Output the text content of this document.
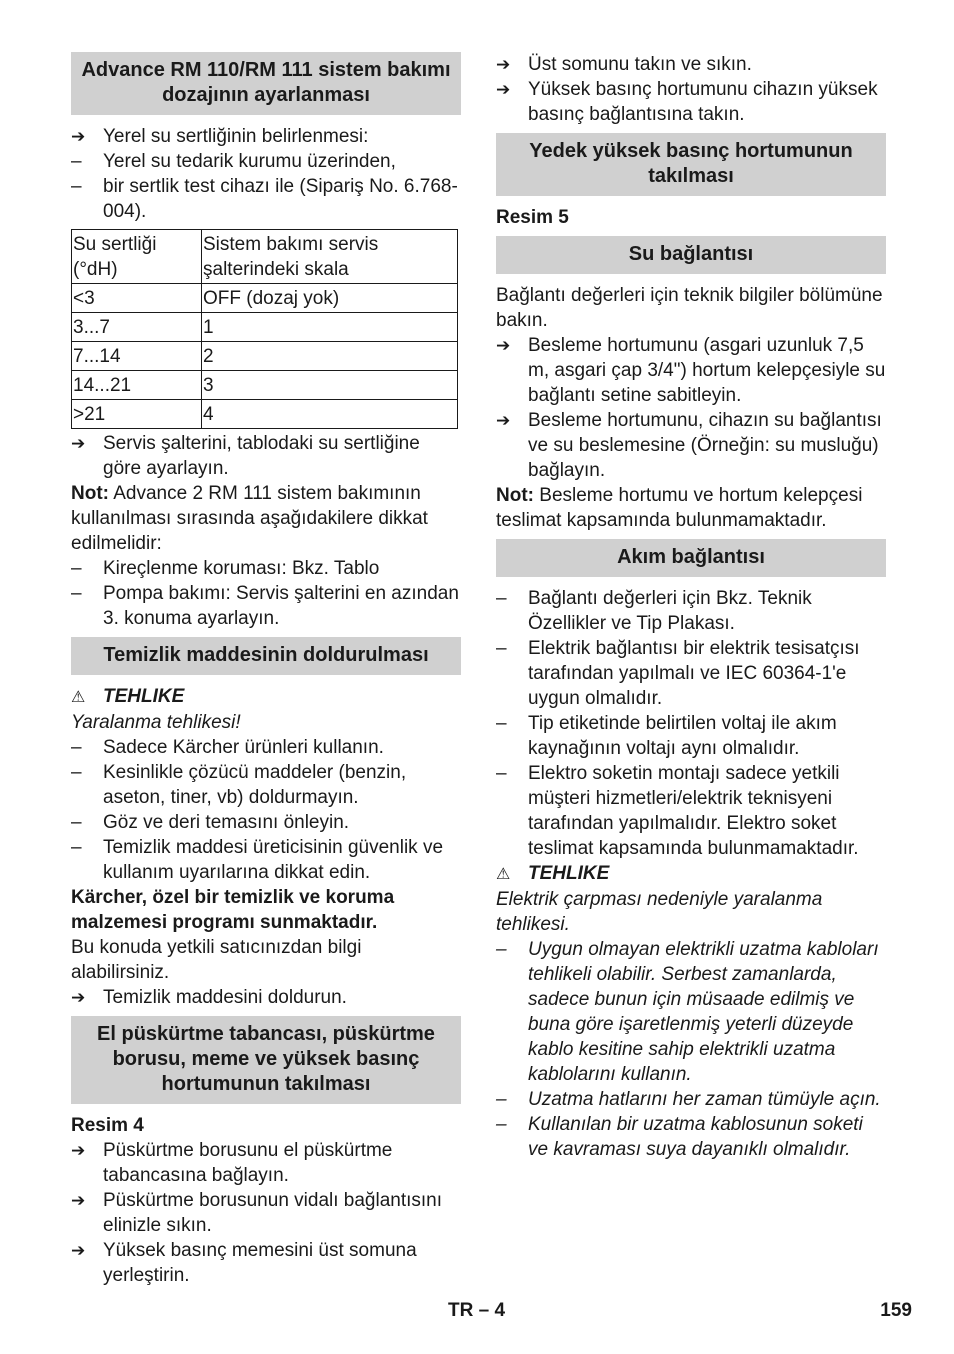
Advance RM 110/RM 111 sistem bakımı dozajının ayarlanması
➔ Yerel su sertliğinin belirlenmesi:
–	Yerel su tedarik kurumu üzerinden,
–	bir sertlik test cihazı ile (Sipariş No. 6.768-004).
Su sertliği (°dH)	Sistem bakımı servis şalterindeki skala
<3	OFF (dozaj yok)
3...7	1
7...14	2
14...21	3
>21	4
➔ Servis şalterini, tablodaki su sertliğine göre ayarlayın.

Not: Advance 2 RM 111 sistem bakımının kullanılması sırasında aşağıdakilere dikkat edilmelidir:

–	Kireçlenme koruması: Bkz. Tablo
–	Pompa bakımı: Servis şalterini en azından 3. konuma ayarlayın.
Temizlik maddesinin doldurulması
⚠ TEHLIKE

Yaralanma tehlikesi!

–	Sadece Kärcher ürünleri kullanın.
–	Kesinlikle çözücü maddeler (benzin, aseton, tiner, vb) doldurmayın.
–	Göz ve deri temasını önleyin.
–	Temizlik maddesi üreticisinin güvenlik ve kullanım uyarılarına dikkat edin.

Kärcher, özel bir temizlik ve koruma malzemesi programı sunmaktadır.

Bu konuda yetkili satıcınızdan bilgi alabilirsiniz.

➔ Temizlik maddesini doldurun.
El püskürtme tabancası, püskürtme borusu, meme ve yüksek basınç hortumunun takılması

Resim 4

➔ Püskürtme borusunu el püskürtme tabancasına bağlayın.
➔ Püskürtme borusunun vidalı bağlantısını elinizle sıkın.
➔ Yüksek basınç memesini üst somuna yerleştirin.
➔ Üst somunu takın ve sıkın.
➔ Yüksek basınç hortumunu cihazın yüksek basınç bağlantısına takın.
Yedek yüksek basınç hortumunun takılması

Resim 5

Su bağlantısı

Bağlantı değerleri için teknik bilgiler bölümüne bakın.

➔ Besleme hortumunu (asgari uzunluk 7,5 m, asgari çap 3/4") hortum kelepçesiyle su bağlantı setine sabitleyin.
➔ Besleme hortumunu, cihazın su bağlantısı ve su beslemesine (Örneğin: su musluğu) bağlayın.

Not: Besleme hortumu ve hortum kelepçesi teslimat kapsamında bulunmamaktadır.

Akım bağlantısı
–	Bağlantı değerleri için Bkz. Teknik Özellikler ve Tip Plakası.
–	Elektrik bağlantısı bir elektrik tesisatçısı tarafından yapılmalı ve IEC 60364-1'e uygun olmalıdır.
–	Tip etiketinde belirtilen voltaj ile akım kaynağının voltajı aynı olmalıdır.
–	Elektro soketin montajı sadece yetkili müşteri hizmetleri/elektrik teknisyeni tarafından yapılmalıdır. Elektro soket teslimat kapsamında bulunmamaktadır.
⚠ TEHLIKE

Elektrik çarpması nedeniyle yaralanma tehlikesi.

–	Uygun olmayan elektrikli uzatma kabloları tehlikeli olabilir. Serbest zamanlarda, sadece bunun için müsaade edilmiş ve buna göre işaretlenmiş yeterli düzeyde kablo kesitine sahip elektrikli uzatma kablolarını kullanın.
–	Uzatma hatlarını her zaman tümüyle açın.
–	Kullanılan bir uzatma kablosunun soketi ve kavraması suya dayanıklı olmalıdır.
TR – 4	159
